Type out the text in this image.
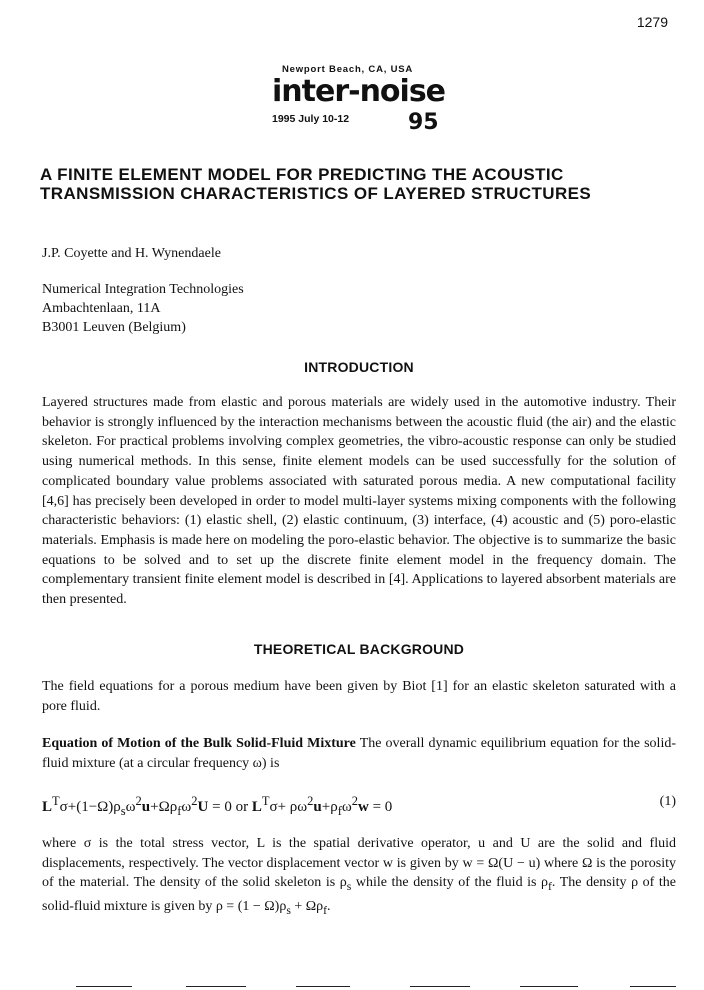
1279
Newport Beach, CA, USA
inter-noise
1995 July 10-12	95
A FINITE ELEMENT MODEL FOR PREDICTING THE ACOUSTIC TRANSMISSION CHARACTERISTICS OF LAYERED STRUCTURES

J.P. Coyette and H. Wynendaele

Numerical Integration Technologies
Ambachtenlaan, 11A
B3001 Leuven (Belgium)

INTRODUCTION

Layered structures made from elastic and porous materials are widely used in the automotive industry. Their behavior is strongly influenced by the interaction mechanisms between the acoustic fluid (the air) and the elastic skeleton. For practical problems involving complex geometries, the vibro-acoustic response can only be studied using numerical methods. In this sense, finite element models can be used successfully for the solution of complicated boundary value problems associated with saturated porous media. A new computational facility [4,6] has precisely been developed in order to model multi-layer systems mixing components with the following characteristic behaviors: (1) elastic shell, (2) elastic continuum, (3) interface, (4) acoustic and (5) poro-elastic materials. Emphasis is made here on modeling the poro-elastic behavior. The objective is to summarize the basic equations to be solved and to set up the discrete finite element model in the frequency domain. The complementary transient finite element model is described in [4]. Applications to layered absorbent materials are then presented.

THEORETICAL BACKGROUND

The field equations for a porous medium have been given by Biot [1] for an elastic skeleton saturated with a pore fluid.

Equation of Motion of the Bulk Solid-Fluid Mixture The overall dynamic equilibrium equation for the solid-fluid mixture (at a circular frequency ω) is

$L^T\sigma+(1-\Omega)\rho_s\omega^2u+\Omega\rho_f\omega^2U = 0$ or $L^T\sigma+ \rho\omega^2u+\rho_f\omega^2w = 0$	(1)

where σ is the total stress vector, L is the spatial derivative operator, u and U are the solid and fluid displacements, respectively. The vector displacement vector w is given by w = Ω(U − u) where Ω is the porosity of the material. The density of the solid skeleton is $\rho_s$ while the density of the fluid is $\rho_f$. The density ρ of the solid-fluid mixture is given by $\rho = (1 - \Omega)\rho_s + \Omega\rho_f$.
